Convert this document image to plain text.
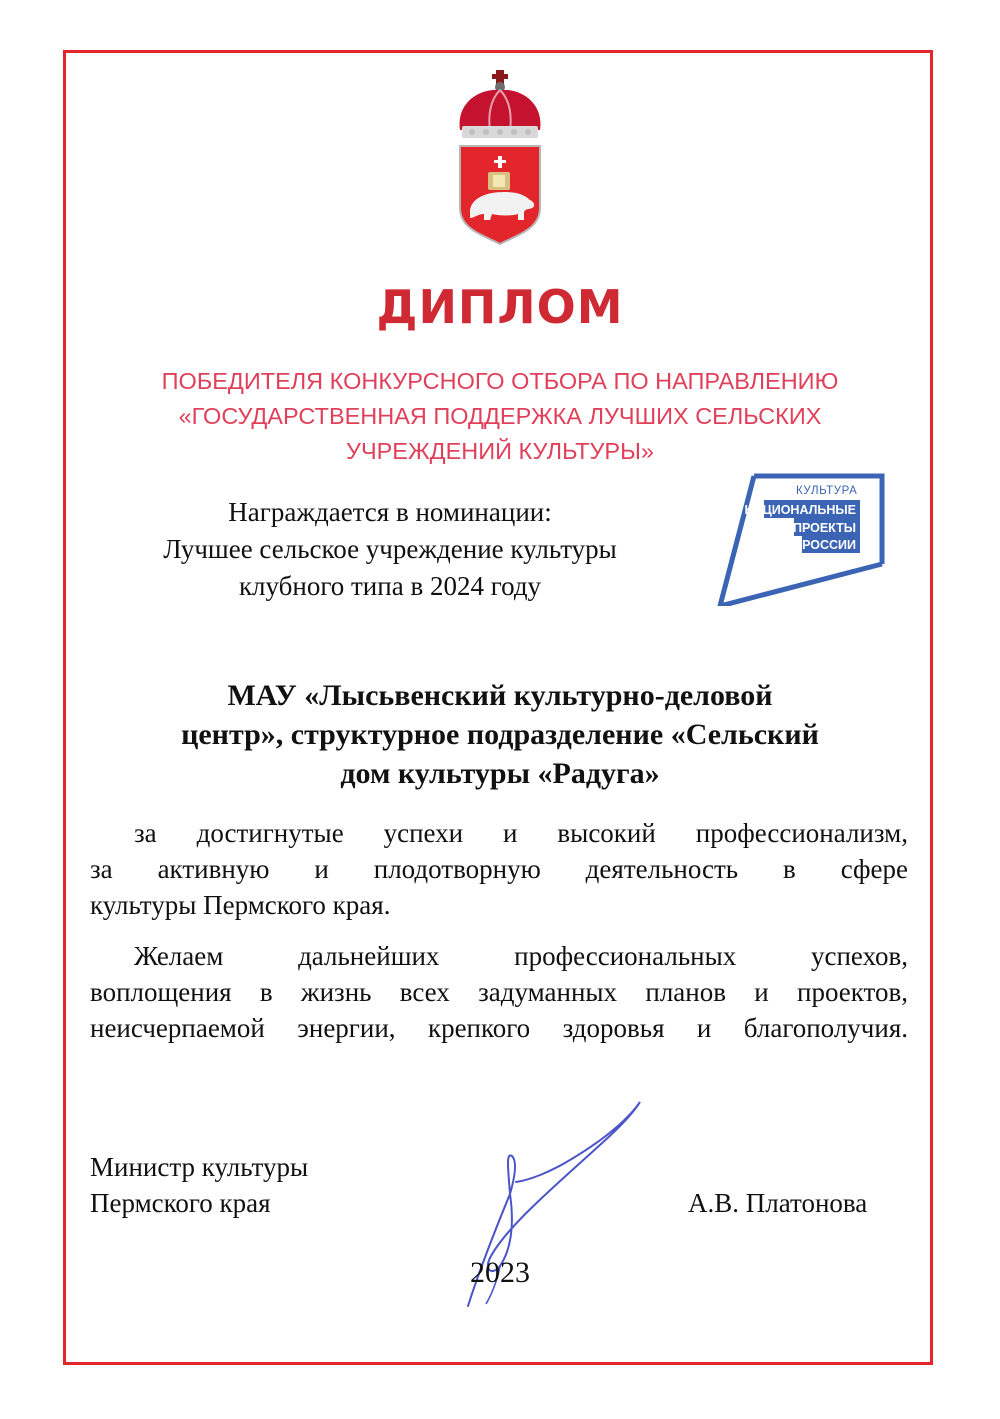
ДИПЛОМ
ПОБЕДИТЕЛЯ КОНКУРСНОГО ОТБОРА ПО НАПРАВЛЕНИЮ
«ГОСУДАРСТВЕННАЯ ПОДДЕРЖКА ЛУЧШИХ СЕЛЬСКИХ
УЧРЕЖДЕНИЙ КУЛЬТУРЫ»
Награждается в номинации:
Лучшее сельское учреждение культуры
клубного типа в 2024 году
КУЛЬТУРА
НАЦИОНАЛЬНЫЕ
ПРОЕКТЫ
РОССИИ
МАУ «Лысьвенский культурно-деловой
центр», структурное подразделение «Сельский
дом культуры «Радуга»
за достигнутые успехи и высокий профессионализм,
за активную и плодотворную деятельность в сфере
культуры Пермского края.
Желаем дальнейших профессиональных успехов,
воплощения в жизнь всех задуманных планов и проектов,
неисчерпаемой энергии, крепкого здоровья и благополучия.
Министр культуры
Пермского края	А.В. Платонова
2023
